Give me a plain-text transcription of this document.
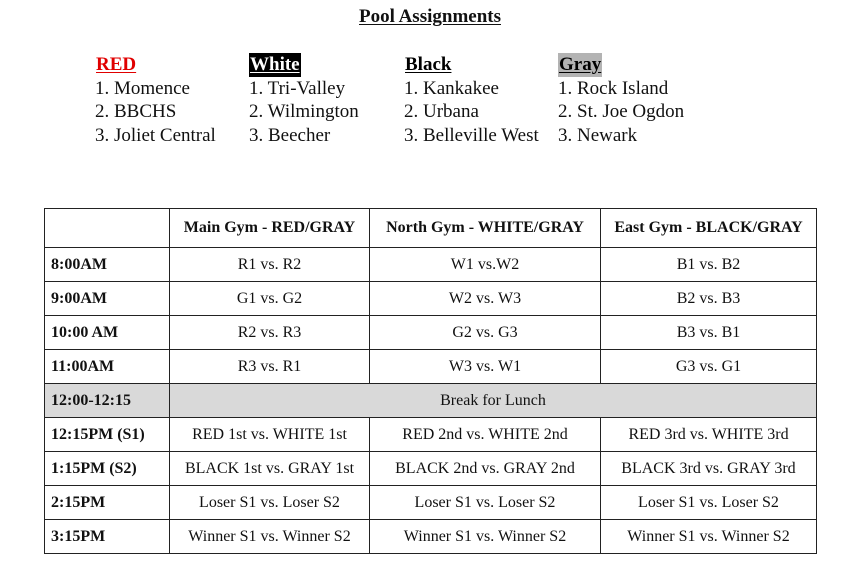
Pool Assignments
RED
1. Momence
2. BBCHS
3. Joliet Central
White
1. Tri-Valley
2. Wilmington
3. Beecher
Black
1. Kankakee
2. Urbana
3. Belleville West
Gray
1. Rock Island
2. St. Joe Ogdon
3. Newark
	Main Gym - RED/GRAY	North Gym - WHITE/GRAY	East Gym - BLACK/GRAY
8:00AM	R1 vs. R2	W1 vs.W2	B1 vs. B2
9:00AM	G1 vs. G2	W2 vs. W3	B2 vs. B3
10:00 AM	R2 vs. R3	G2 vs. G3	B3 vs. B1
11:00AM	R3 vs. R1	W3 vs. W1	G3 vs. G1
12:00-12:15	Break for Lunch		
12:15PM (S1)	RED 1st vs. WHITE 1st	RED 2nd vs. WHITE 2nd	RED 3rd vs. WHITE 3rd
1:15PM (S2)	BLACK 1st vs. GRAY 1st	BLACK 2nd vs. GRAY 2nd	BLACK 3rd vs. GRAY 3rd
2:15PM	Loser S1 vs. Loser S2	Loser S1 vs. Loser S2	Loser S1 vs. Loser S2
3:15PM	Winner S1 vs. Winner S2	Winner S1 vs. Winner S2	Winner S1 vs. Winner S2
